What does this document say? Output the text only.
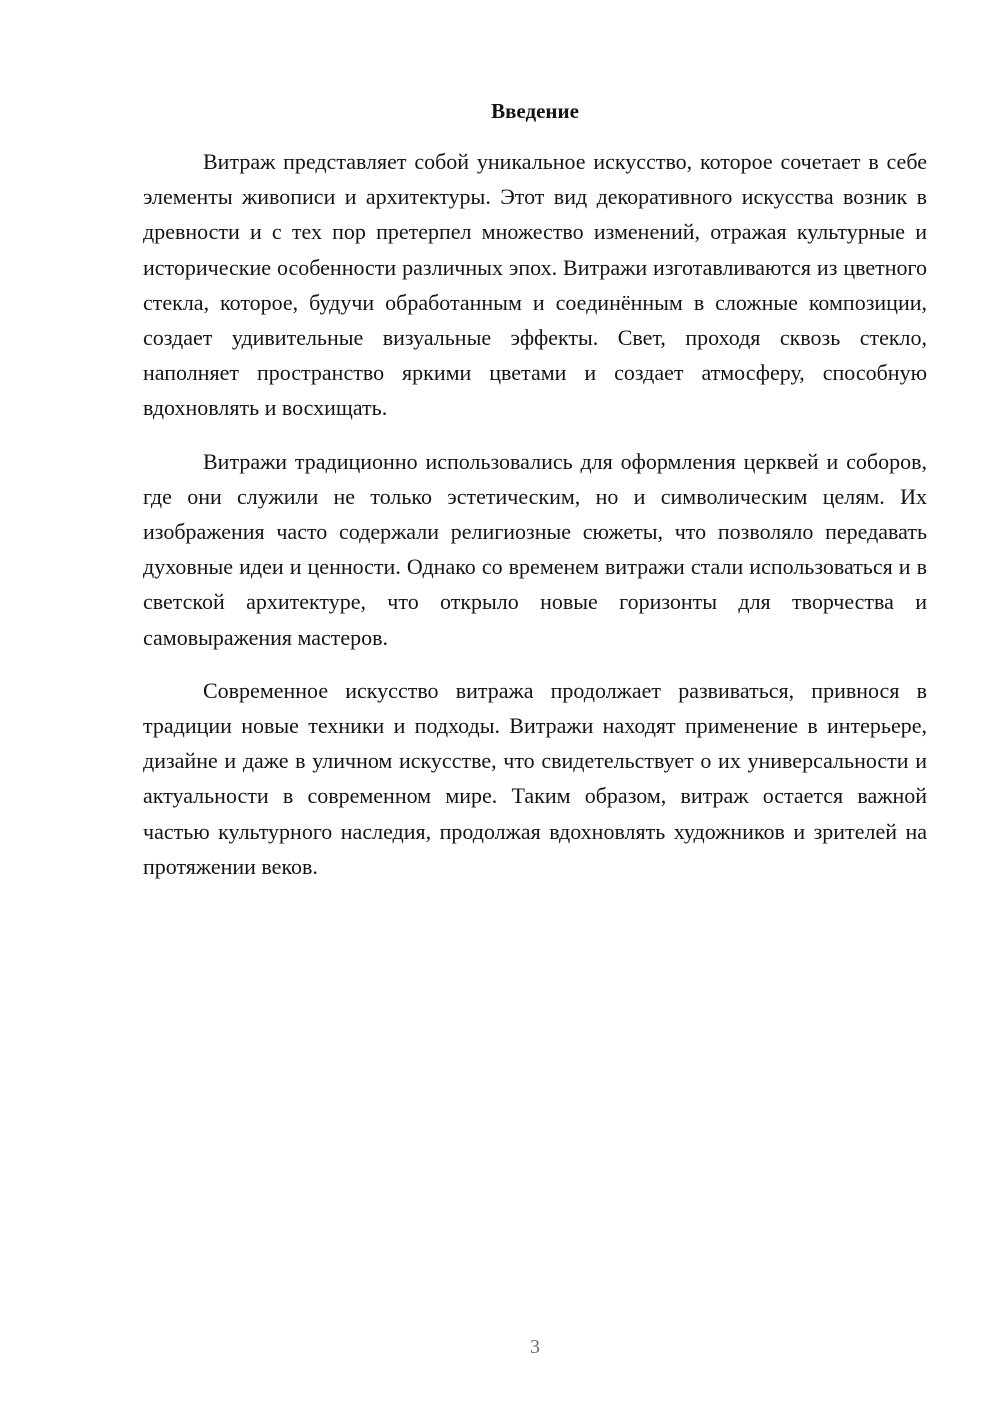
Введение

Витраж представляет собой уникальное искусство, которое сочетает в себе элементы живописи и архитектуры. Этот вид декоративного искусства возник в древности и с тех пор претерпел множество изменений, отражая культурные и исторические особенности различных эпох. Витражи изготавливаются из цветного стекла, которое, будучи обработанным и соединённым в сложные композиции, создает удивительные визуальные эффекты. Свет, проходя сквозь стекло, наполняет пространство яркими цветами и создает атмосферу, способную вдохновлять и восхищать.

Витражи традиционно использовались для оформления церквей и соборов, где они служили не только эстетическим, но и символическим целям. Их изображения часто содержали религиозные сюжеты, что позволяло передавать духовные идеи и ценности. Однако со временем витражи стали использоваться и в светской архитектуре, что открыло новые горизонты для творчества и самовыражения мастеров.

Современное искусство витража продолжает развиваться, привнося в традиции новые техники и подходы. Витражи находят применение в интерьере, дизайне и даже в уличном искусстве, что свидетельствует о их универсальности и актуальности в современном мире. Таким образом, витраж остается важной частью культурного наследия, продолжая вдохновлять художников и зрителей на протяжении веков.

3
